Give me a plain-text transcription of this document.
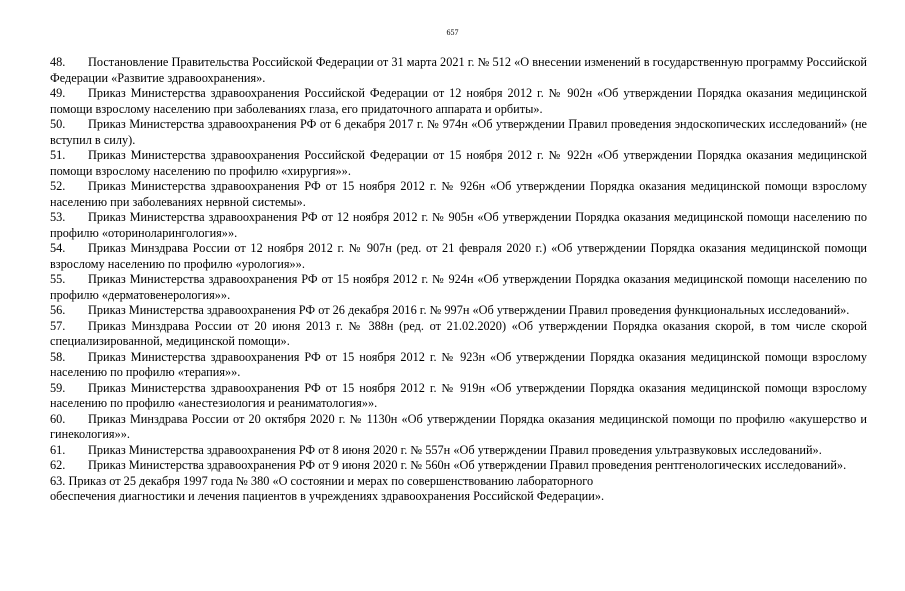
657

48. Постановление Правительства Российской Федерации от 31 марта 2021 г. № 512 «О внесении изменений в государственную программу Российской Федерации «Развитие здравоохранения».

49. Приказ Министерства здравоохранения Российской Федерации от 12 ноября 2012 г. № 902н «Об утверждении Порядка оказания медицинской помощи взрослому населению при заболеваниях глаза, его придаточного аппарата и орбиты».

50. Приказ Министерства здравоохранения РФ от 6 декабря 2017 г. № 974н «Об утверждении Правил проведения эндоскопических исследований» (не вступил в силу).

51. Приказ Министерства здравоохранения Российской Федерации от 15 ноября 2012 г. № 922н «Об утверждении Порядка оказания медицинской помощи взрослому населению по профилю «хирургия»».

52. Приказ Министерства здравоохранения РФ от 15 ноября 2012 г. № 926н «Об утверждении Порядка оказания медицинской помощи взрослому населению при заболеваниях нервной системы».

53. Приказ Министерства здравоохранения РФ от 12 ноября 2012 г. № 905н «Об утверждении Порядка оказания медицинской помощи населению по профилю «оториноларингология»».

54. Приказ Минздрава России от 12 ноября 2012 г. № 907н (ред. от 21 февраля 2020 г.) «Об утверждении Порядка оказания медицинской помощи взрослому населению по профилю «урология»».

55. Приказ Министерства здравоохранения РФ от 15 ноября 2012 г. № 924н «Об утверждении Порядка оказания медицинской помощи населению по профилю «дерматовенерология»».

56. Приказ Министерства здравоохранения РФ от 26 декабря 2016 г. № 997н «Об утверждении Правил проведения функциональных исследований».

57. Приказ Минздрава России от 20 июня 2013 г. № 388н (ред. от 21.02.2020) «Об утверждении Порядка оказания скорой, в том числе скорой специализированной, медицинской помощи».

58. Приказ Министерства здравоохранения РФ от 15 ноября 2012 г. № 923н «Об утверждении Порядка оказания медицинской помощи взрослому населению по профилю «терапия»».

59. Приказ Министерства здравоохранения РФ от 15 ноября 2012 г. № 919н «Об утверждении Порядка оказания медицинской помощи взрослому населению по профилю «анестезиология и реаниматология»».

60. Приказ Минздрава России от 20 октября 2020 г. № 1130н «Об утверждении Порядка оказания медицинской помощи по профилю «акушерство и гинекология»».

61. Приказ Министерства здравоохранения РФ от 8 июня 2020 г. № 557н «Об утверждении Правил проведения ультразвуковых исследований».

62. Приказ Министерства здравоохранения РФ от 9 июня 2020 г. № 560н «Об утверждении Правил проведения рентгенологических исследований».

63. Приказ от 25 декабря 1997 года № 380 «О состоянии и мерах по совершенствованию лабораторного
обеспечения диагностики и лечения пациентов в учреждениях здравоохранения Российской Федерации».
